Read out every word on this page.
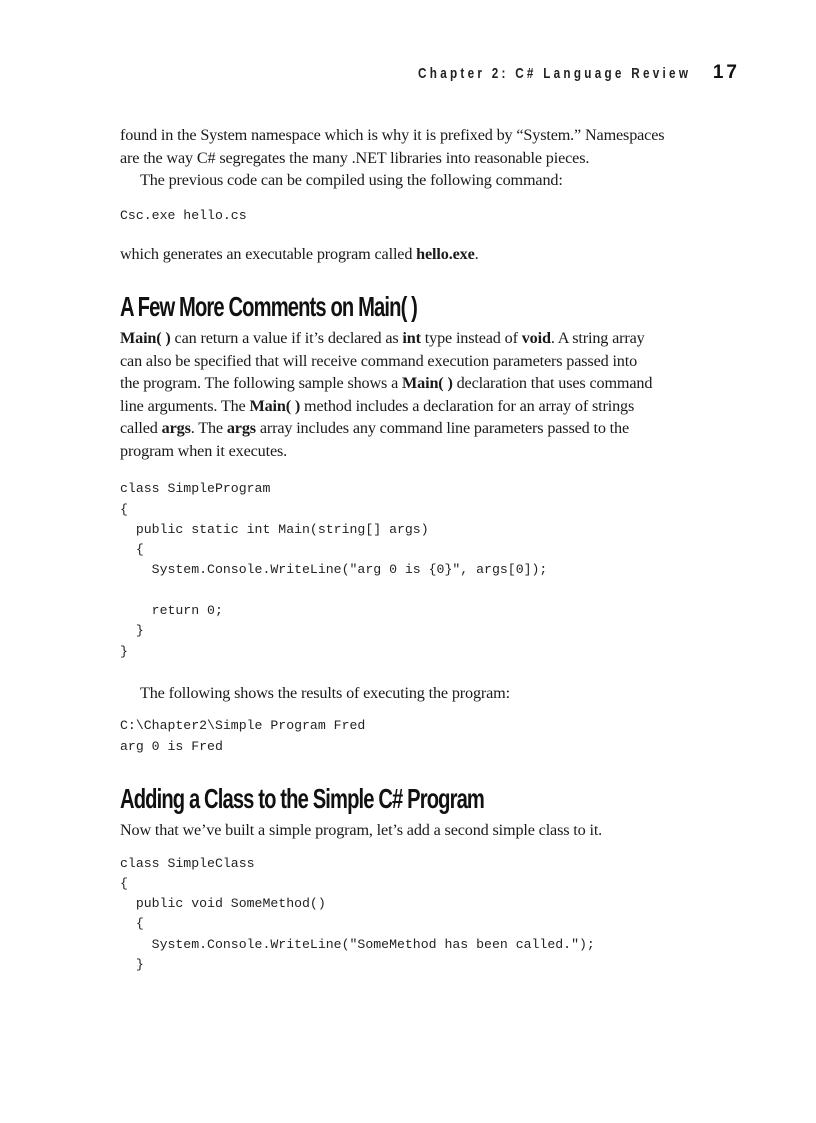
Chapter 2: C# Language Review 17

found in the System namespace which is why it is prefixed by “System.” Namespaces
are the way C# segregates the many .NET libraries into reasonable pieces.

The previous code can be compiled using the following command:

Csc.exe hello.cs

which generates an executable program called hello.exe.

A Few More Comments on Main( )

Main( ) can return a value if it’s declared as int type instead of void. A string array
can also be specified that will receive command execution parameters passed into
the program. The following sample shows a Main( ) declaration that uses command
line arguments. The Main( ) method includes a declaration for an array of strings
called args. The args array includes any command line parameters passed to the
program when it executes.

class SimpleProgram
{
public static int Main(string[] args)
{
System.Console.WriteLine("arg 0 is {0}", args[0]);

return 0;
}
}

The following shows the results of executing the program:

C:\Chapter2\Simple Program Fred
arg 0 is Fred
Adding a Class to the Simple C# Program

Now that we’ve built a simple program, let’s add a second simple class to it.

class SimpleClass
{
public void SomeMethod()
{
System.Console.WriteLine("SomeMethod has been called.");
}
